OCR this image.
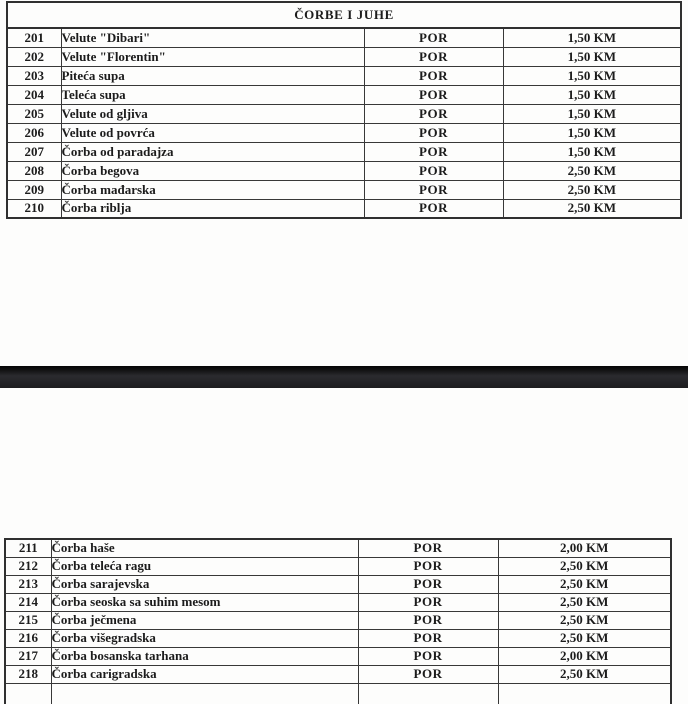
ČORBE I JUHE			
201	Velute "Dibari"	POR	1,50 KM
202	Velute "Florentin"	POR	1,50 KM
203	Piteća supa	POR	1,50 KM
204	Teleća supa	POR	1,50 KM
205	Velute od gljiva	POR	1,50 KM
206	Velute od povrća	POR	1,50 KM
207	Čorba od paradajza	POR	1,50 KM
208	Čorba begova	POR	2,50 KM
209	Čorba mađarska	POR	2,50 KM
210	Čorba riblja	POR	2,50 KM
211	Čorba haše	POR	2,00 KM
212	Čorba teleća ragu	POR	2,50 KM
213	Čorba sarajevska	POR	2,50 KM
214	Čorba seoska sa suhim mesom	POR	2,50 KM
215	Čorba ječmena	POR	2,50 KM
216	Čorba višegradska	POR	2,50 KM
217	Čorba bosanska tarhana	POR	2,00 KM
218	Čorba carigradska	POR	2,50 KM
